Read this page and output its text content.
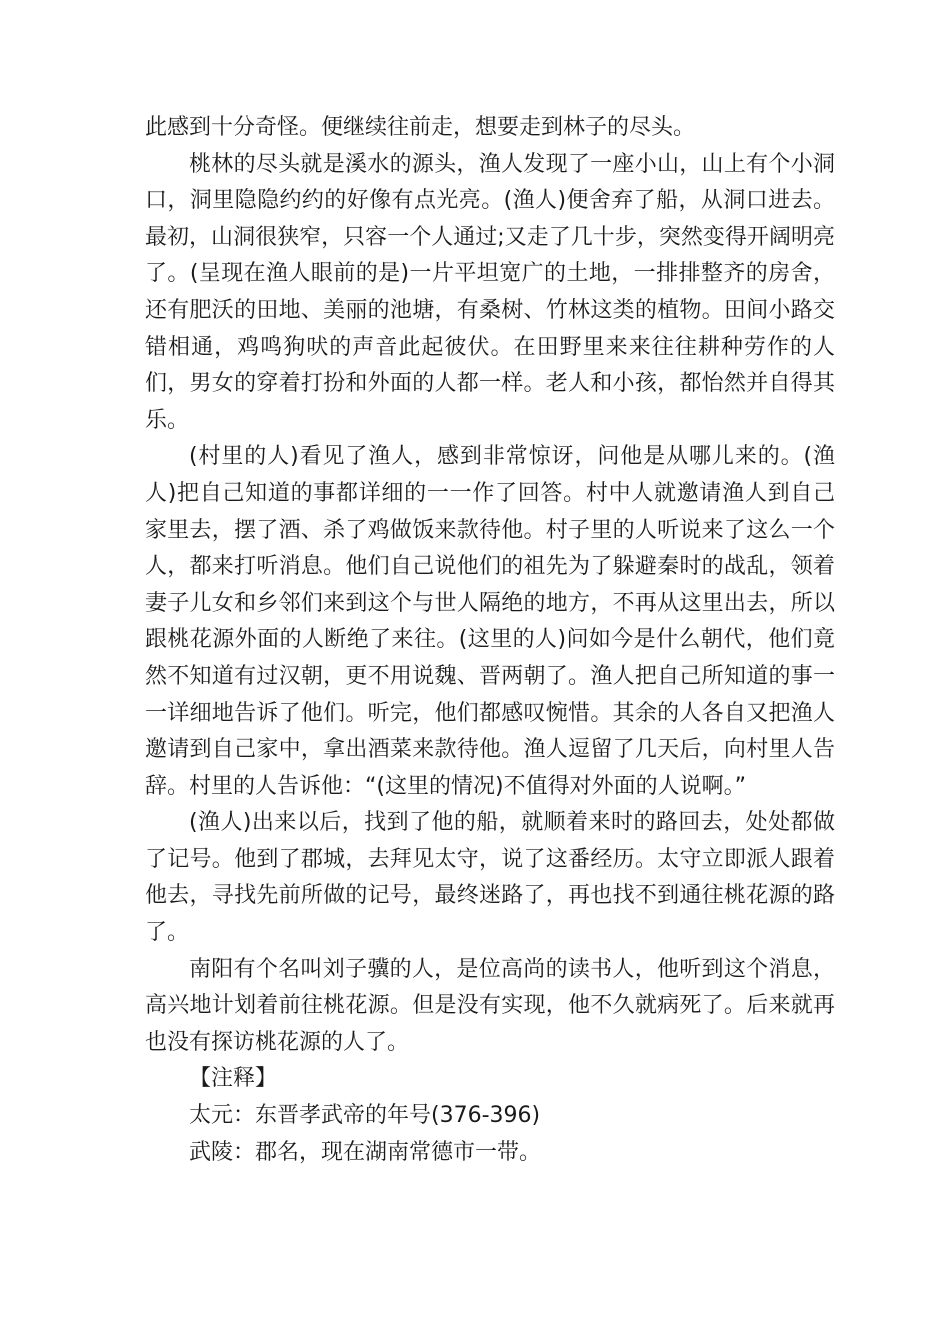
此感到十分奇怪。便继续往前走，想要走到林子的尽头。

桃林的尽头就是溪水的源头，渔人发现了一座小山，山上有个小洞口，洞里隐隐约约的好像有点光亮。(渔人)便舍弃了船，从洞口进去。最初，山洞很狭窄，只容一个人通过;又走了几十步，突然变得开阔明亮了。(呈现在渔人眼前的是)一片平坦宽广的土地，一排排整齐的房舍，还有肥沃的田地、美丽的池塘，有桑树、竹林这类的植物。田间小路交错相通，鸡鸣狗吠的声音此起彼伏。在田野里来来往往耕种劳作的人们，男女的穿着打扮和外面的人都一样。老人和小孩，都怡然并自得其乐。

(村里的人)看见了渔人，感到非常惊讶，问他是从哪儿来的。(渔人)把自己知道的事都详细的一一作了回答。村中人就邀请渔人到自己家里去，摆了酒、杀了鸡做饭来款待他。村子里的人听说来了这么一个人，都来打听消息。他们自己说他们的祖先为了躲避秦时的战乱，领着妻子儿女和乡邻们来到这个与世人隔绝的地方，不再从这里出去，所以跟桃花源外面的人断绝了来往。(这里的人)问如今是什么朝代，他们竟然不知道有过汉朝，更不用说魏、晋两朝了。渔人把自己所知道的事一一详细地告诉了他们。听完，他们都感叹惋惜。其余的人各自又把渔人邀请到自己家中，拿出酒菜来款待他。渔人逗留了几天后，向村里人告辞。村里的人告诉他：“(这里的情况)不值得对外面的人说啊。”

(渔人)出来以后，找到了他的船，就顺着来时的路回去，处处都做了记号。他到了郡城，去拜见太守，说了这番经历。太守立即派人跟着他去，寻找先前所做的记号，最终迷路了，再也找不到通往桃花源的路了。

南阳有个名叫刘子骥的人，是位高尚的读书人，他听到这个消息，高兴地计划着前往桃花源。但是没有实现，他不久就病死了。后来就再也没有探访桃花源的人了。

【注释】

太元：东晋孝武帝的年号(376-396)

武陵：郡名，现在湖南常德市一带。
